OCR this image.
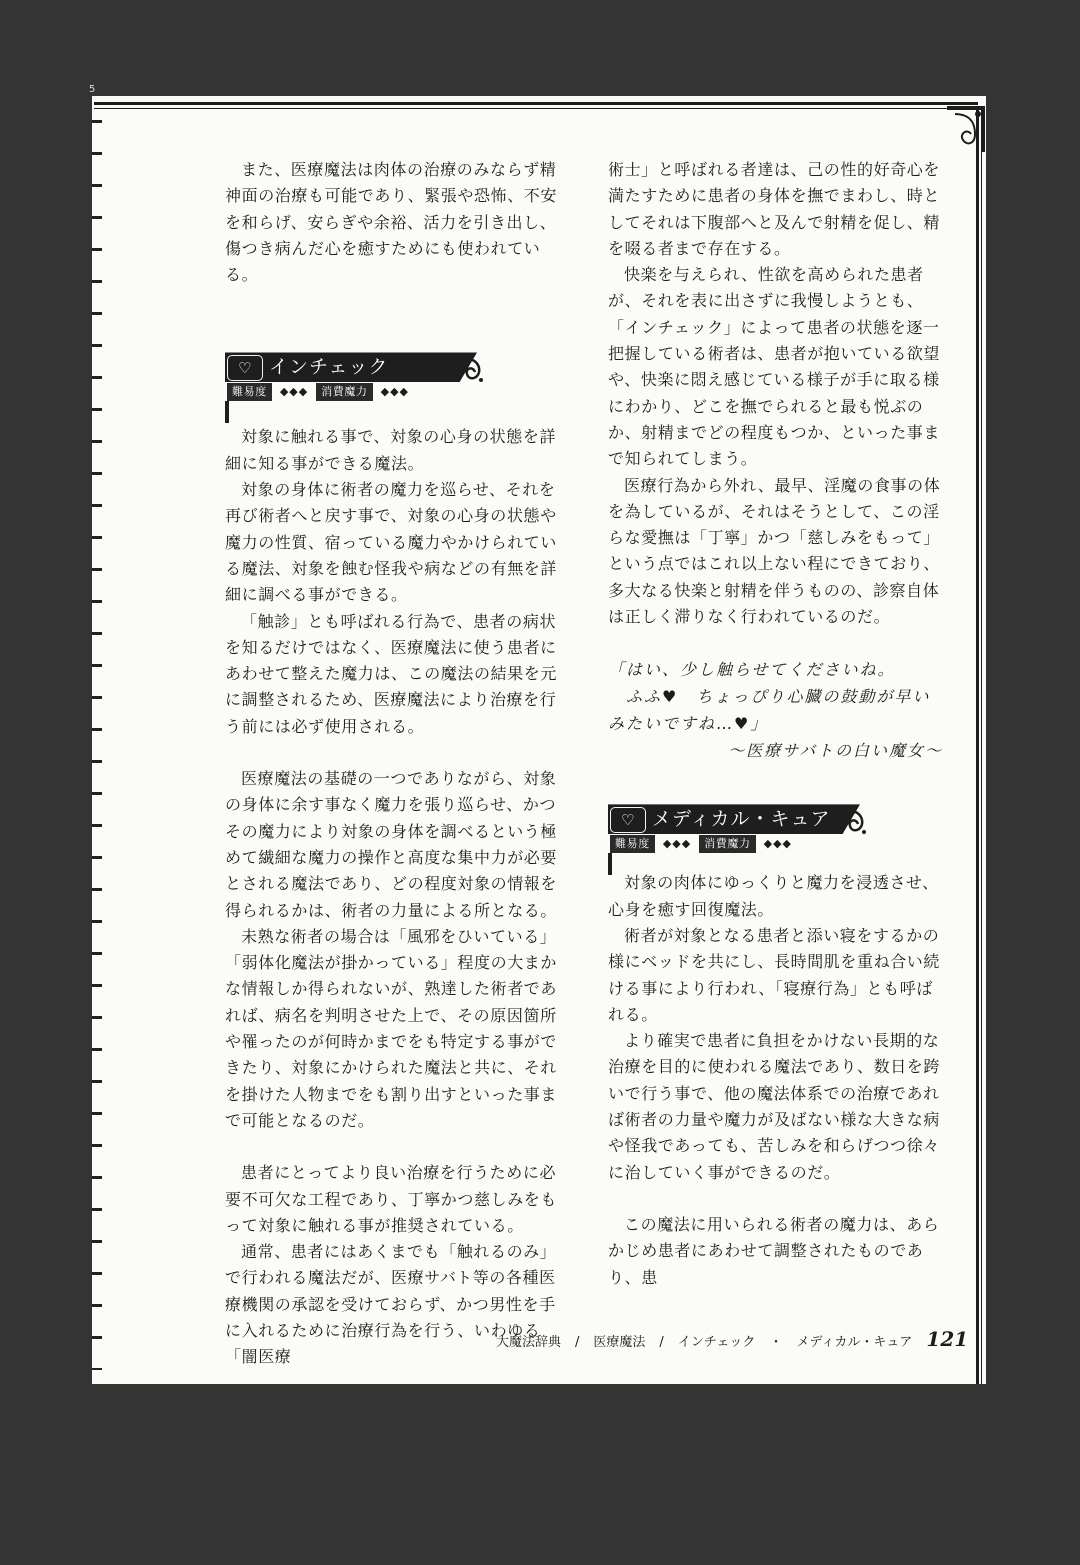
5

また、医療魔法は肉体の治療のみならず精神面の治療も可能であり、緊張や恐怖、不安を和らげ、安らぎや余裕、活力を引き出し、傷つき病んだ心を癒すためにも使われている。

♡ インチェック
難易度	◆◆◆	消費魔力	◆◆◆

対象に触れる事で、対象の心身の状態を詳細に知る事ができる魔法。

対象の身体に術者の魔力を巡らせ、それを再び術者へと戻す事で、対象の心身の状態や魔力の性質、宿っている魔力やかけられている魔法、対象を蝕む怪我や病などの有無を詳細に調べる事ができる。

「触診」とも呼ばれる行為で、患者の病状を知るだけではなく、医療魔法に使う患者にあわせて整えた魔力は、この魔法の結果を元に調整されるため、医療魔法により治療を行う前には必ず使用される。

医療魔法の基礎の一つでありながら、対象の身体に余す事なく魔力を張り巡らせ、かつその魔力により対象の身体を調べるという極めて繊細な魔力の操作と高度な集中力が必要とされる魔法であり、どの程度対象の情報を得られるかは、術者の力量による所となる。

未熟な術者の場合は「風邪をひいている」「弱体化魔法が掛かっている」程度の大まかな情報しか得られないが、熟達した術者であれば、病名を判明させた上で、その原因箇所や罹ったのが何時かまでをも特定する事ができたり、対象にかけられた魔法と共に、それを掛けた人物までをも割り出すといった事まで可能となるのだ。

患者にとってより良い治療を行うために必要不可欠な工程であり、丁寧かつ慈しみをもって対象に触れる事が推奨されている。

通常、患者にはあくまでも「触れるのみ」で行われる魔法だが、医療サバト等の各種医療機関の承認を受けておらず、かつ男性を手に入れるために治療行為を行う、いわゆる「闇医療

術士」と呼ばれる者達は、己の性的好奇心を満たすために患者の身体を撫でまわし、時としてそれは下腹部へと及んで射精を促し、精を啜る者まで存在する。

快楽を与えられ、性欲を高められた患者が、それを表に出さずに我慢しようとも、「インチェック」によって患者の状態を逐一把握している術者は、患者が抱いている欲望や、快楽に悶え感じている様子が手に取る様にわかり、どこを撫でられると最も悦ぶのか、射精までどの程度もつか、といった事まで知られてしまう。

医療行為から外れ、最早、淫魔の食事の体を為しているが、それはそうとして、この淫らな愛撫は「丁寧」かつ「慈しみをもって」という点ではこれ以上ない程にできており、多大なる快楽と射精を伴うものの、診察自体は正しく滞りなく行われているのだ。

「はい、少し触らせてくださいね。
　ふふ♥　ちょっぴり心臓の鼓動が早いみたいですね…♥」
〜医療サバトの白い魔女〜
♡ メディカル・キュア
難易度	◆◆◆	消費魔力	◆◆◆

対象の肉体にゆっくりと魔力を浸透させ、心身を癒す回復魔法。

術者が対象となる患者と添い寝をするかの様にベッドを共にし、長時間肌を重ね合い続ける事により行われ、「寝療行為」とも呼ばれる。

より確実で患者に負担をかけない長期的な治療を目的に使われる魔法であり、数日を跨いで行う事で、他の魔法体系での治療であれば術者の力量や魔力が及ばない様な大きな病や怪我であっても、苦しみを和らげつつ徐々に治していく事ができるのだ。

この魔法に用いられる術者の魔力は、あらかじめ患者にあわせて調整されたものであり、患

大魔法辞典 / 医療魔法 / インチェック ・ メディカル・キュア 121
